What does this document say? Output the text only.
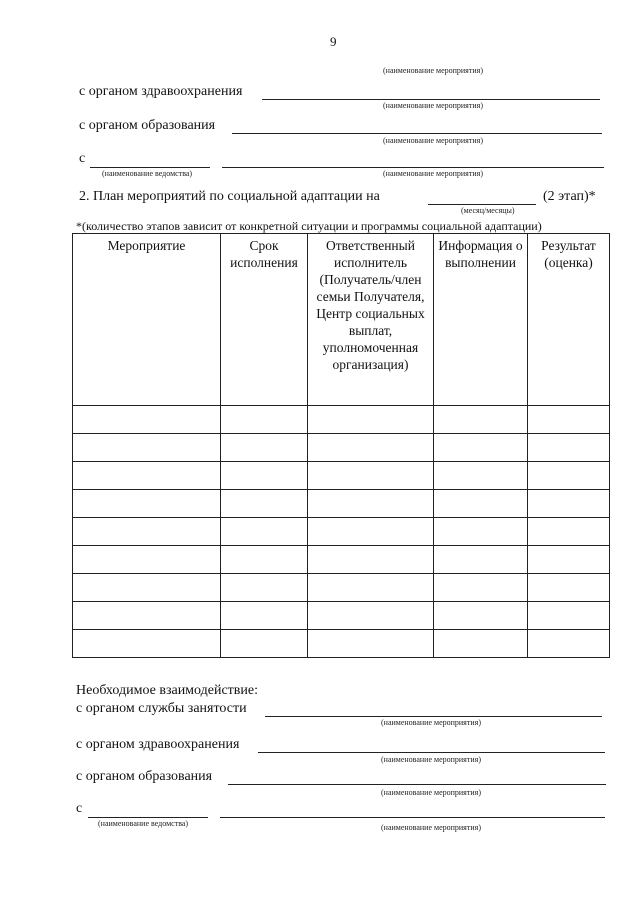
9
(наименование мероприятия)
с органом здравоохранения
(наименование мероприятия)
с органом образования
(наименование мероприятия)
с
(наименование ведомства)	(наименование мероприятия)
2. План мероприятий по социальной адаптации на	(2 этап)*
(месяц/месяцы)
*(количество этапов зависит от конкретной ситуации и программы социальной адаптации)
Мероприятие	Срок исполнения	Ответственный исполнитель (Получатель/член семьи Получателя, Центр социальных выплат, уполномоченная организация)	Информация о выполнении	Результат (оценка)

Необходимое взаимодействие:
с органом службы занятости
(наименование мероприятия)
с органом здравоохранения
(наименование мероприятия)
с органом образования
(наименование мероприятия)
с
(наименование ведомства)	(наименование мероприятия)
